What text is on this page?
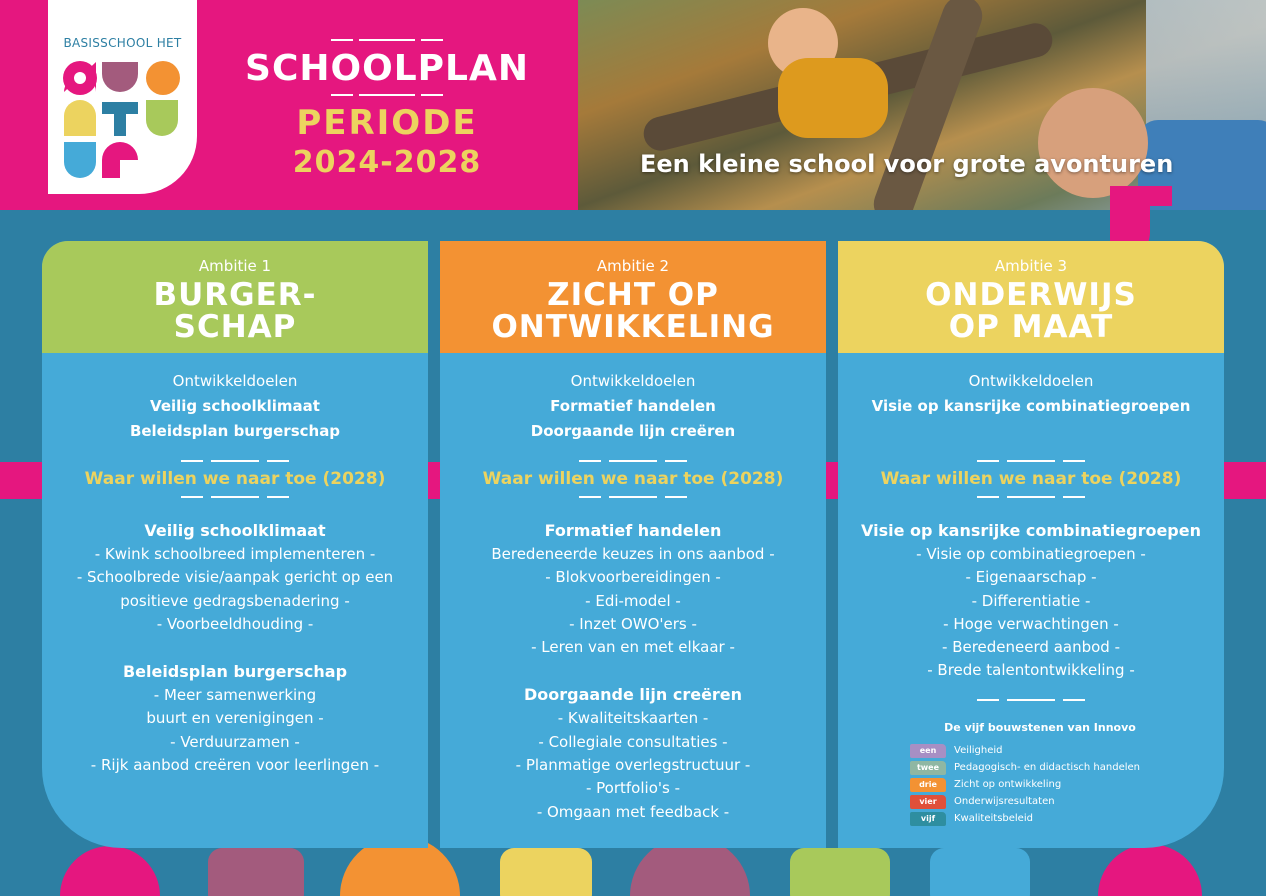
BASISSCHOOL HET
SCHOOLPLAN
PERIODE
2024-2028	Een kleine school voor grote avonturen
Ambitie 1
BURGER-
SCHAP
Ontwikkeldoelen
Veilig schoolklimaat
Beleidsplan burgerschap
Veilig schoolklimaat
- Kwink schoolbreed implementeren -
- Schoolbrede visie/aanpak gericht op een positieve gedragsbenadering -
- Voorbeeldhouding -
Beleidsplan burgerschap
- Meer samenwerking buurt en verenigingen -
- Verduurzamen -
- Rijk aanbod creëren voor leerlingen -
Ambitie 2
ZICHT OP
ONTWIKKELING
Ontwikkeldoelen
Formatief handelen
Doorgaande lijn creëren
Formatief handelen
Beredeneerde keuzes in ons aanbod -
- Blokvoorbereidingen -
- Edi-model -
- Inzet OWO'ers -
- Leren van en met elkaar -
Doorgaande lijn creëren
- Kwaliteitskaarten -
- Collegiale consultaties -
- Planmatige overlegstructuur -
- Portfolio's -
- Omgaan met feedback -
Ambitie 3
ONDERWIJS
OP MAAT
Ontwikkeldoelen
Visie op kansrijke combinatiegroepen
Visie op kansrijke combinatiegroepen
- Visie op combinatiegroepen -
- Eigenaarschap -
- Differentiatie -
- Hoge verwachtingen -
- Beredeneerd aanbod -
- Brede talentontwikkeling -
De vijf bouwstenen van Innovo
een	Veiligheid
twee	Pedagogisch- en didactisch handelen
drie	Zicht op ontwikkeling
vier	Onderwijsresultaten
vijf	Kwaliteitsbeleid
Waar willen we naar toe (2028)	Waar willen we naar toe (2028)	Waar willen we naar toe (2028)
